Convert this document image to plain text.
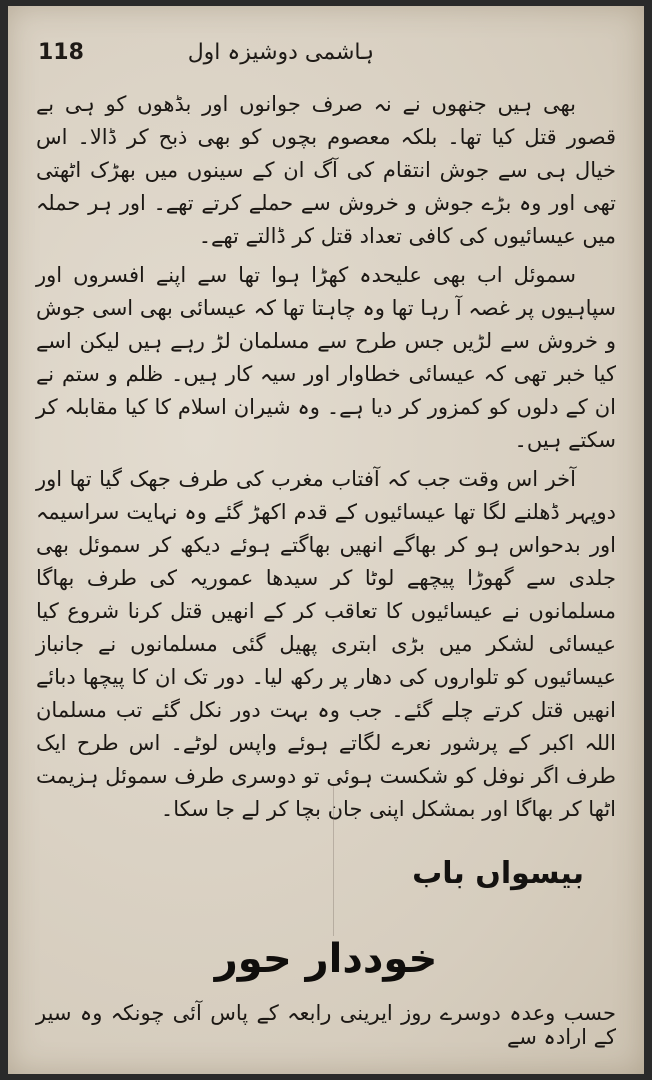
118	ہاشمی دوشیزہ اول

بھی ہیں جنھوں نے نہ صرف جوانوں اور بڈھوں کو ہی بے قصور قتل کیا تھا۔ بلکہ معصوم بچوں کو بھی ذبح کر ڈالا۔ اس خیال ہی سے جوش انتقام کی آگ ان کے سینوں میں بھڑک اٹھتی تھی اور وہ بڑے جوش و خروش سے حملے کرتے تھے۔ اور ہر حملہ میں عیسائیوں کی کافی تعداد قتل کر ڈالتے تھے۔

سموئل اب بھی علیحدہ کھڑا ہوا تھا سے اپنے افسروں اور سپاہیوں پر غصہ آ رہا تھا وہ چاہتا تھا کہ عیسائی بھی اسی جوش و خروش سے لڑیں جس طرح سے مسلمان لڑ رہے ہیں لیکن اسے کیا خبر تھی کہ عیسائی خطاوار اور سیہ کار ہیں۔ ظلم و ستم نے ان کے دلوں کو کمزور کر دیا ہے۔ وہ شیران اسلام کا کیا مقابلہ کر سکتے ہیں۔

آخر اس وقت جب کہ آفتاب مغرب کی طرف جھک گیا تھا اور دوپہر ڈھلنے لگا تھا عیسائیوں کے قدم اکھڑ گئے وہ نہایت سراسیمہ اور بدحواس ہو کر بھاگے انھیں بھاگتے ہوئے دیکھ کر سموئل بھی جلدی سے گھوڑا پیچھے لوٹا کر سیدھا عموریہ کی طرف بھاگا مسلمانوں نے عیسائیوں کا تعاقب کر کے انھیں قتل کرنا شروع کیا عیسائی لشکر میں بڑی ابتری پھیل گئی مسلمانوں نے جانباز عیسائیوں کو تلواروں کی دھار پر رکھ لیا۔ دور تک ان کا پیچھا دبائے انھیں قتل کرتے چلے گئے۔ جب وہ بہت دور نکل گئے تب مسلمان اللہ اکبر کے پرشور نعرے لگاتے ہوئے واپس لوٹے۔ اس طرح ایک طرف اگر نوفل کو شکست ہوئی تو دوسری طرف سموئل ہزیمت اٹھا کر بھاگا اور بمشکل اپنی جان بچا کر لے جا سکا۔

بیسواں باب
خوددار حور
حسب وعدہ دوسرے روز ایرینی رابعہ کے پاس آئی چونکہ وہ سیر کے ارادہ سے
